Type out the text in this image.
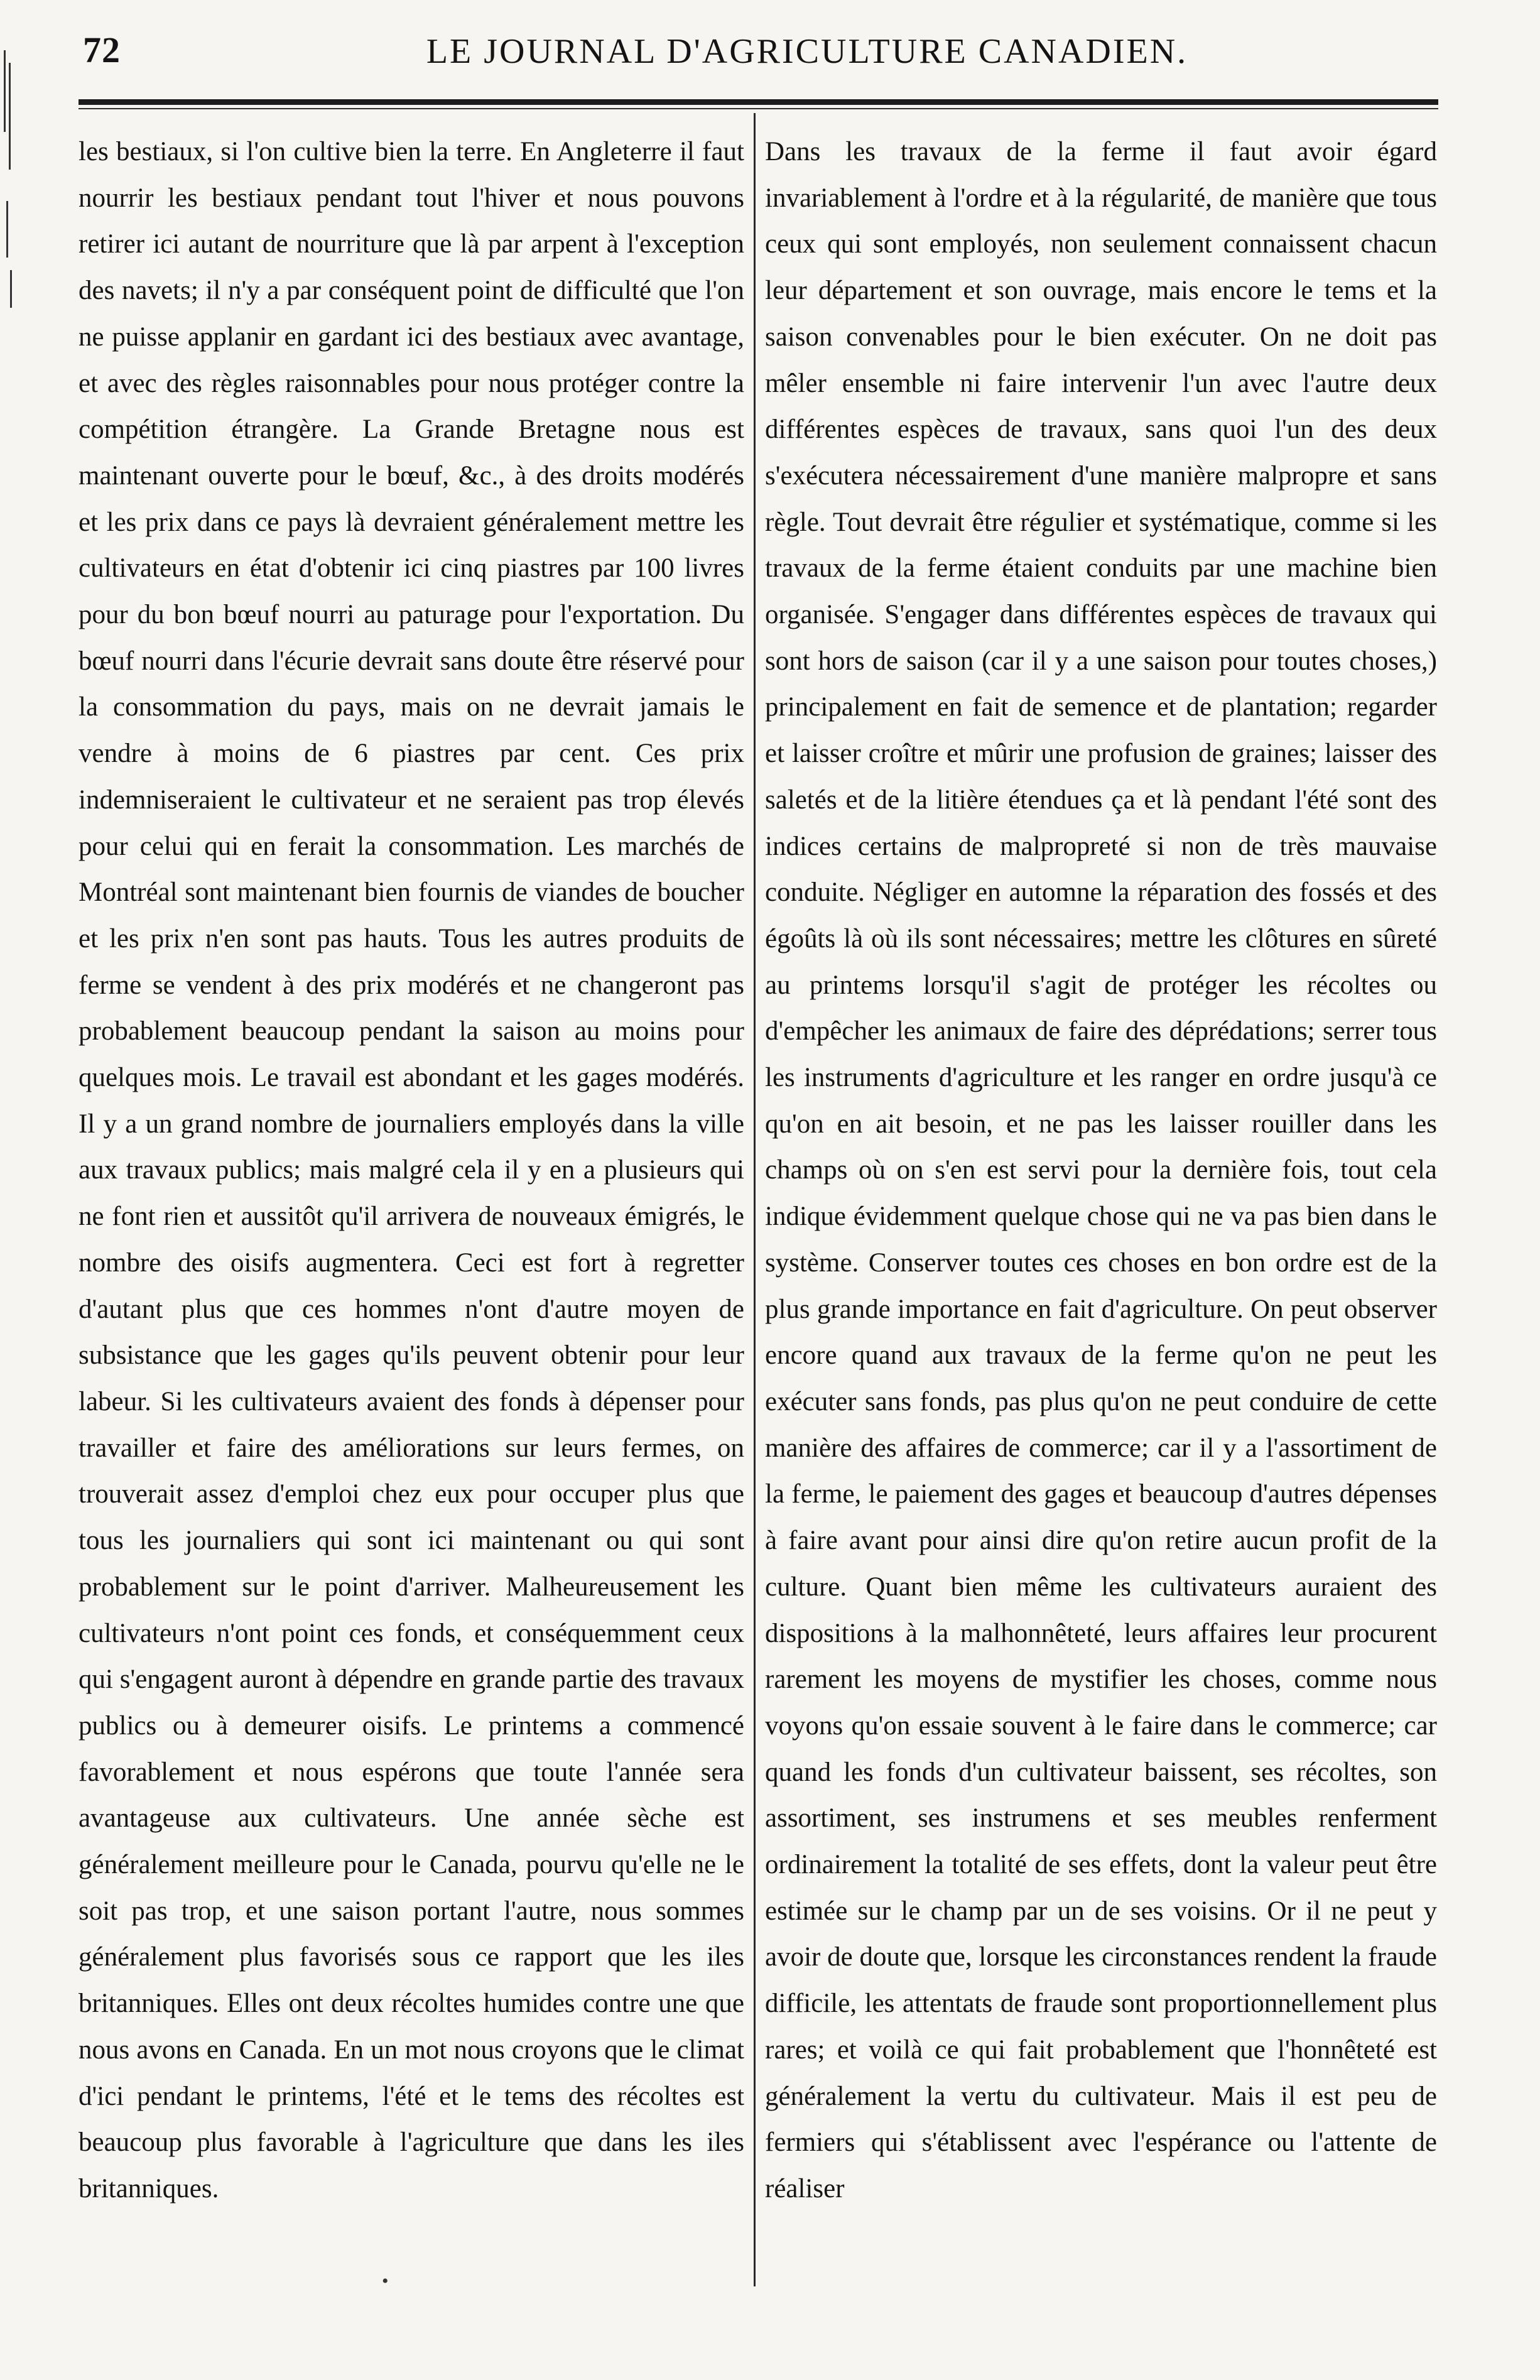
72	LE JOURNAL D'AGRICULTURE CANADIEN.

les bestiaux, si l'on cultive bien la terre. En Angleterre il faut nourrir les bestiaux pendant tout l'hiver et nous pouvons retirer ici autant de nourriture que là par arpent à l'exception des navets; il n'y a par conséquent point de difficulté que l'on ne puisse applanir en gardant ici des bestiaux avec avantage, et avec des règles raisonnables pour nous protéger contre la compétition étrangère. La Grande Bretagne nous est maintenant ouverte pour le bœuf, &c., à des droits modérés et les prix dans ce pays là devraient généralement mettre les cultivateurs en état d'obtenir ici cinq piastres par 100 livres pour du bon bœuf nourri au paturage pour l'exportation. Du bœuf nourri dans l'écurie devrait sans doute être réservé pour la consommation du pays, mais on ne devrait jamais le vendre à moins de 6 piastres par cent. Ces prix indemniseraient le cultivateur et ne seraient pas trop élevés pour celui qui en ferait la consommation. Les marchés de Montréal sont maintenant bien fournis de viandes de boucher et les prix n'en sont pas hauts. Tous les autres produits de ferme se vendent à des prix modérés et ne changeront pas probablement beaucoup pendant la saison au moins pour quelques mois. Le travail est abondant et les gages modérés. Il y a un grand nombre de journaliers employés dans la ville aux travaux publics; mais malgré cela il y en a plusieurs qui ne font rien et aussitôt qu'il arrivera de nouveaux émigrés, le nombre des oisifs augmentera. Ceci est fort à regretter d'autant plus que ces hommes n'ont d'autre moyen de subsistance que les gages qu'ils peuvent obtenir pour leur labeur. Si les cultivateurs avaient des fonds à dépenser pour travailler et faire des améliorations sur leurs fermes, on trouverait assez d'emploi chez eux pour occuper plus que tous les journaliers qui sont ici maintenant ou qui sont probablement sur le point d'arriver. Malheureusement les cultivateurs n'ont point ces fonds, et conséquemment ceux qui s'engagent auront à dépendre en grande partie des travaux publics ou à demeurer oisifs. Le printems a commencé favorablement et nous espérons que toute l'année sera avantageuse aux cultivateurs. Une année sèche est généralement meilleure pour le Canada, pourvu qu'elle ne le soit pas trop, et une saison portant l'autre, nous sommes généralement plus favorisés sous ce rapport que les iles britanniques. Elles ont deux récoltes humides contre une que nous avons en Canada. En un mot nous croyons que le climat d'ici pendant le printems, l'été et le tems des récoltes est beaucoup plus favorable à l'agriculture que dans les iles britanniques.

Dans les travaux de la ferme il faut avoir égard invariablement à l'ordre et à la régularité, de manière que tous ceux qui sont employés, non seulement connaissent chacun leur département et son ouvrage, mais encore le tems et la saison convenables pour le bien exécuter. On ne doit pas mêler ensemble ni faire intervenir l'un avec l'autre deux différentes espèces de travaux, sans quoi l'un des deux s'exécutera nécessairement d'une manière malpropre et sans règle. Tout devrait être régulier et systématique, comme si les travaux de la ferme étaient conduits par une machine bien organisée. S'engager dans différentes espèces de travaux qui sont hors de saison (car il y a une saison pour toutes choses,) principalement en fait de semence et de plantation; regarder et laisser croître et mûrir une profusion de graines; laisser des saletés et de la litière étendues ça et là pendant l'été sont des indices certains de malpropreté si non de très mauvaise conduite. Négliger en automne la réparation des fossés et des égoûts là où ils sont nécessaires; mettre les clôtures en sûreté au printems lorsqu'il s'agit de protéger les récoltes ou d'empêcher les animaux de faire des déprédations; serrer tous les instruments d'agriculture et les ranger en ordre jusqu'à ce qu'on en ait besoin, et ne pas les laisser rouiller dans les champs où on s'en est servi pour la dernière fois, tout cela indique évidemment quelque chose qui ne va pas bien dans le système. Conserver toutes ces choses en bon ordre est de la plus grande importance en fait d'agriculture. On peut observer encore quand aux travaux de la ferme qu'on ne peut les exécuter sans fonds, pas plus qu'on ne peut conduire de cette manière des affaires de commerce; car il y a l'assortiment de la ferme, le paiement des gages et beaucoup d'autres dépenses à faire avant pour ainsi dire qu'on retire aucun profit de la culture. Quant bien même les cultivateurs auraient des dispositions à la malhonnêteté, leurs affaires leur procurent rarement les moyens de mystifier les choses, comme nous voyons qu'on essaie souvent à le faire dans le commerce; car quand les fonds d'un cultivateur baissent, ses récoltes, son assortiment, ses instrumens et ses meubles renferment ordinairement la totalité de ses effets, dont la valeur peut être estimée sur le champ par un de ses voisins. Or il ne peut y avoir de doute que, lorsque les circonstances rendent la fraude difficile, les attentats de fraude sont proportionnellement plus rares; et voilà ce qui fait probablement que l'honnêteté est généralement la vertu du cultivateur. Mais il est peu de fermiers qui s'établissent avec l'espérance ou l'attente de réaliser

•
